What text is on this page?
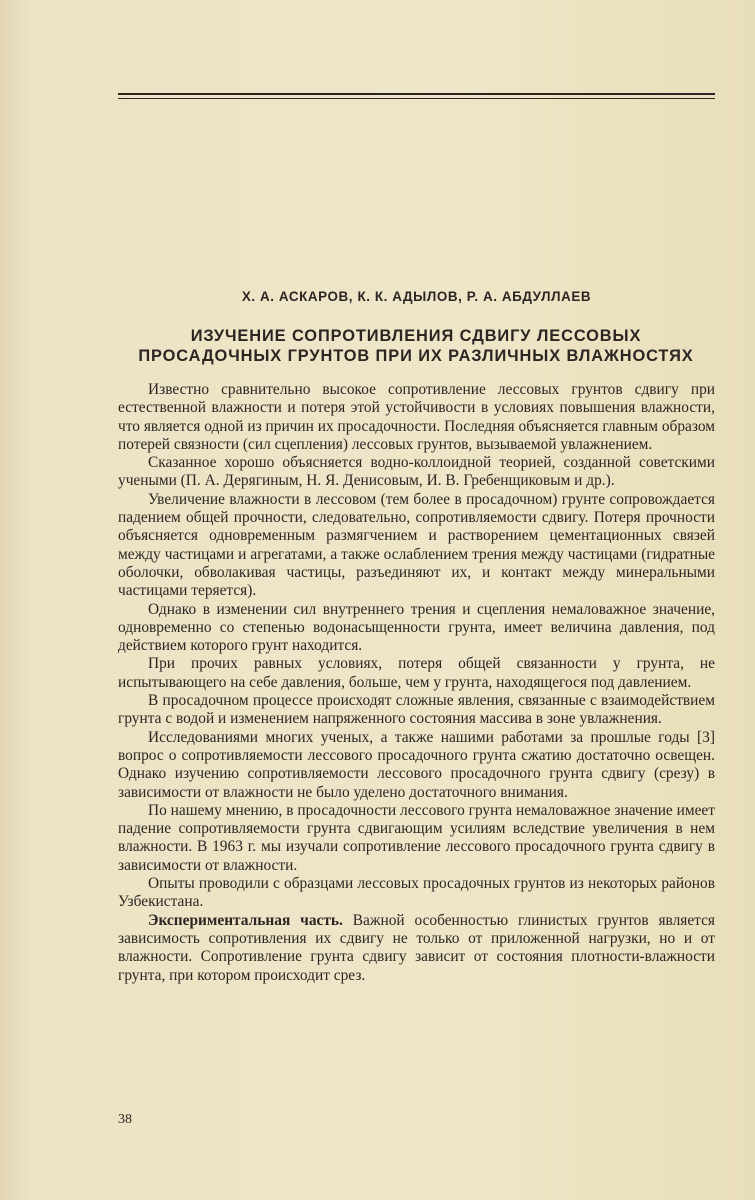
Х. А. АСКАРОВ, К. К. АДЫЛОВ, Р. А. АБДУЛЛАЕВ
ИЗУЧЕНИЕ СОПРОТИВЛЕНИЯ СДВИГУ ЛЕССОВЫХ
ПРОСАДОЧНЫХ ГРУНТОВ ПРИ ИХ РАЗЛИЧНЫХ ВЛАЖНОСТЯХ

Известно сравнительно высокое сопротивление лессовых грунтов сдвигу при естественной влажности и потеря этой устойчивости в условиях повышения влажности, что является одной из причин их просадочности. Последняя объясняется главным образом потерей связности (сил сцепления) лессовых грунтов, вызываемой увлажнением.

Сказанное хорошо объясняется водно-коллоидной теорией, созданной советскими учеными (П. А. Дерягиным, Н. Я. Денисовым, И. В. Гребенщиковым и др.).

Увеличение влажности в лессовом (тем более в просадочном) грунте сопровождается падением общей прочности, следовательно, сопротивляемости сдвигу. Потеря прочности объясняется одновременным размягчением и растворением цементационных связей между частицами и агрегатами, а также ослаблением трения между частицами (гидратные оболочки, обволакивая частицы, разъединяют их, и контакт между минеральными частицами теряется).

Однако в изменении сил внутреннего трения и сцепления немаловажное значение, одновременно со степенью водонасыщенности грунта, имеет величина давления, под действием которого грунт находится.

При прочих равных условиях, потеря общей связанности у грунта, не испытывающего на себе давления, больше, чем у грунта, находящегося под давлением.

В просадочном процессе происходят сложные явления, связанные с взаимодействием грунта с водой и изменением напряженного состояния массива в зоне увлажнения.

Исследованиями многих ученых, а также нашими работами за прошлые годы [3] вопрос о сопротивляемости лессового просадочного грунта сжатию достаточно освещен. Однако изучению сопротивляемости лессового просадочного грунта сдвигу (срезу) в зависимости от влажности не было уделено достаточного внимания.

По нашему мнению, в просадочности лессового грунта немаловажное значение имеет падение сопротивляемости грунта сдвигающим усилиям вследствие увеличения в нем влажности. В 1963 г. мы изучали сопротивление лессового просадочного грунта сдвигу в зависимости от влажности.

Опыты проводили с образцами лессовых просадочных грунтов из некоторых районов Узбекистана.

Экспериментальная часть. Важной особенностью глинистых грунтов является зависимость сопротивления их сдвигу не только от приложенной нагрузки, но и от влажности. Сопротивление грунта сдвигу зависит от состояния плотности-влажности грунта, при котором происходит срез.

38
